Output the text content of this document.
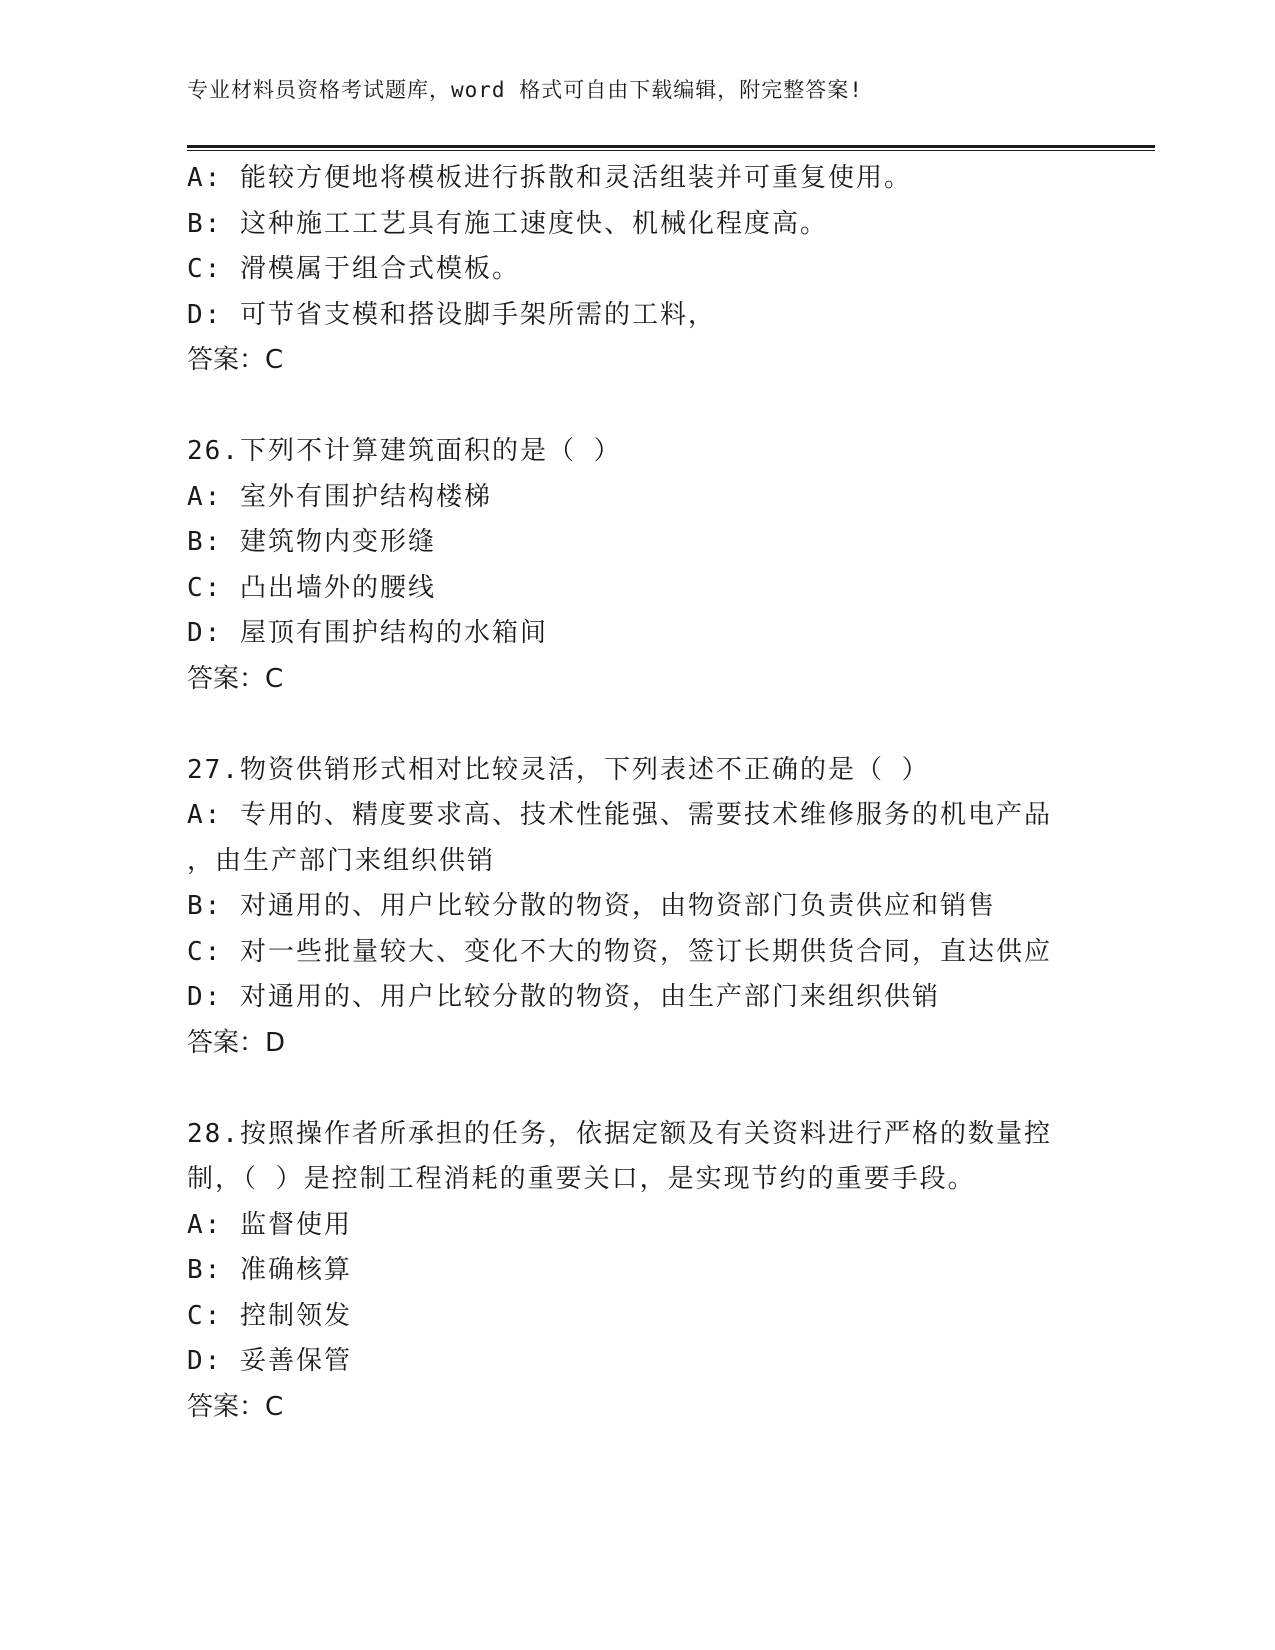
专业材料员资格考试题库，word 格式可自由下载编辑，附完整答案!
A: 能较方便地将模板进行拆散和灵活组装并可重复使用。
B: 这种施工工艺具有施工速度快、机械化程度高。
C: 滑模属于组合式模板。
D: 可节省支模和搭设脚手架所需的工料，
答案：C
26.下列不计算建筑面积的是（ ）
A: 室外有围护结构楼梯
B: 建筑物内变形缝
C: 凸出墙外的腰线
D: 屋顶有围护结构的水箱间
答案：C
27.物资供销形式相对比较灵活，下列表述不正确的是（ ）
A: 专用的、精度要求高、技术性能强、需要技术维修服务的机电产品
，由生产部门来组织供销
B: 对通用的、用户比较分散的物资，由物资部门负责供应和销售
C: 对一些批量较大、变化不大的物资，签订长期供货合同，直达供应
D: 对通用的、用户比较分散的物资，由生产部门来组织供销
答案：D
28.按照操作者所承担的任务，依据定额及有关资料进行严格的数量控
制，（ ）是控制工程消耗的重要关口，是实现节约的重要手段。
A: 监督使用
B: 准确核算
C: 控制领发
D: 妥善保管
答案：C
